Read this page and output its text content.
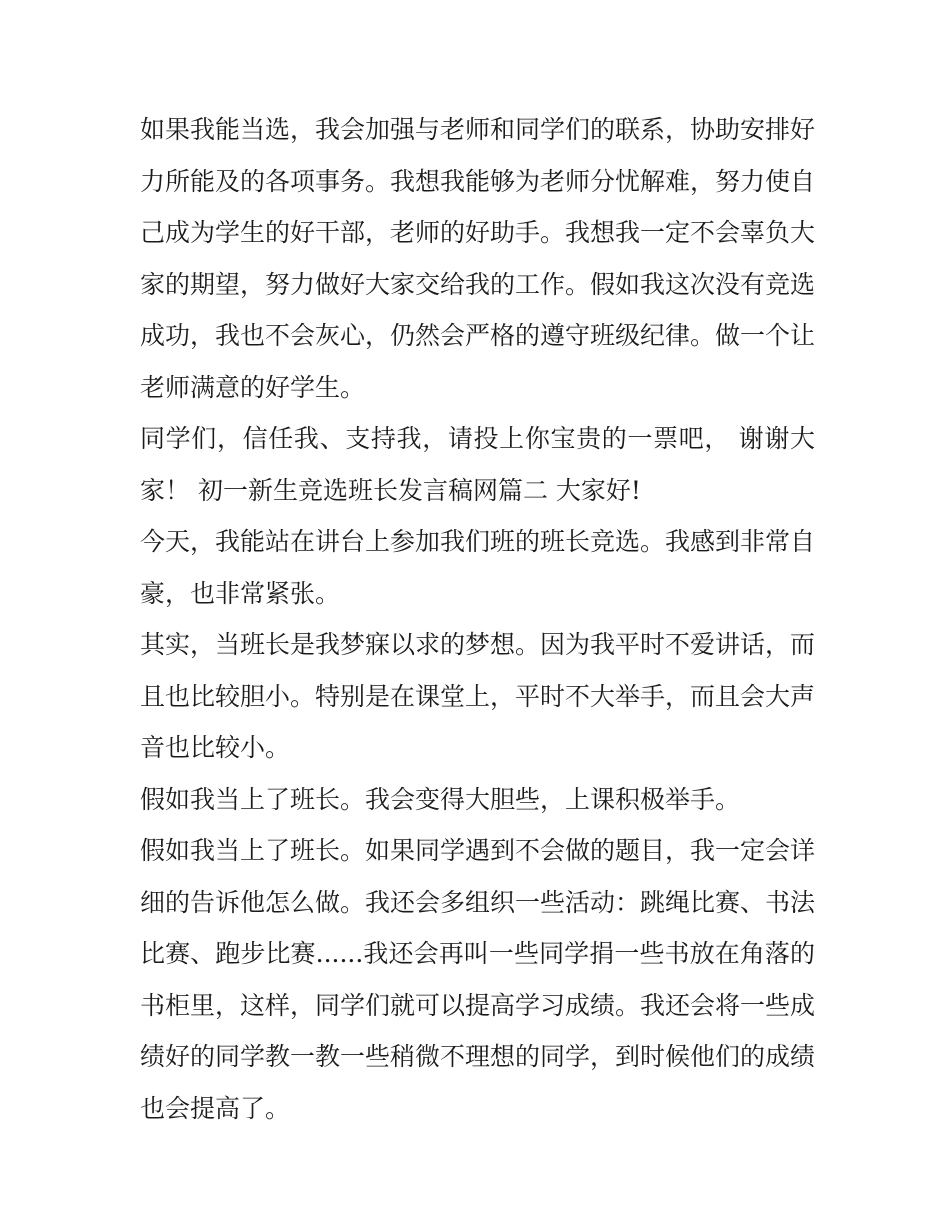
如果我能当选，我会加强与老师和同学们的联系，协助安排好力所能及的各项事务。我想我能够为老师分忧解难，努力使自己成为学生的好干部，老师的好助手。我想我一定不会辜负大家的期望，努力做好大家交给我的工作。假如我这次没有竞选成功，我也不会灰心，仍然会严格的遵守班级纪律。做一个让老师满意的好学生。

同学们，信任我、支持我，请投上你宝贵的一票吧， 谢谢大家！ 初一新生竞选班长发言稿网篇二 大家好!

今天，我能站在讲台上参加我们班的班长竞选。我感到非常自豪，也非常紧张。

其实，当班长是我梦寐以求的梦想。因为我平时不爱讲话，而且也比较胆小。特别是在课堂上，平时不大举手，而且会大声音也比较小。

假如我当上了班长。我会变得大胆些，上课积极举手。

假如我当上了班长。如果同学遇到不会做的题目，我一定会详细的告诉他怎么做。我还会多组织一些活动：跳绳比赛、书法比赛、跑步比赛......我还会再叫一些同学捐一些书放在角落的书柜里，这样，同学们就可以提高学习成绩。我还会将一些成绩好的同学教一教一些稍微不理想的同学，到时候他们的成绩也会提高了。
